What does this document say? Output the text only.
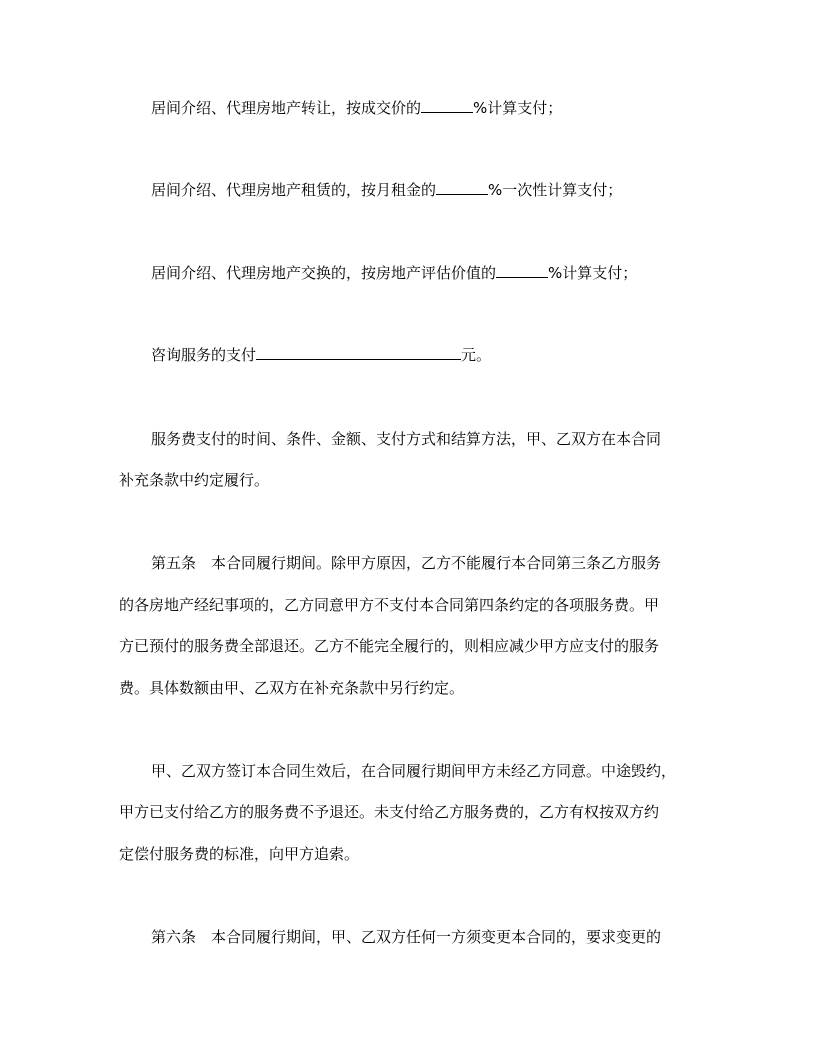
居间介绍、代理房地产转让，按成交价的	%计算支付；
居间介绍、代理房地产租赁的，按月租金的	%一次性计算支付；
居间介绍、代理房地产交换的，按房地产评估价值的	%计算支付；
咨询服务的支付	元。
服务费支付的时间、条件、金额、支付方式和结算方法，甲、乙双方在本合同
补充条款中约定履行。
第五条　本合同履行期间。除甲方原因，乙方不能履行本合同第三条乙方服务
的各房地产经纪事项的，乙方同意甲方不支付本合同第四条约定的各项服务费。甲
方已预付的服务费全部退还。乙方不能完全履行的，则相应减少甲方应支付的服务
费。具体数额由甲、乙双方在补充条款中另行约定。
甲、乙双方签订本合同生效后，在合同履行期间甲方未经乙方同意。中途毁约，
甲方已支付给乙方的服务费不予退还。未支付给乙方服务费的，乙方有权按双方约
定偿付服务费的标准，向甲方追索。
第六条　本合同履行期间，甲、乙双方任何一方须变更本合同的，要求变更的
